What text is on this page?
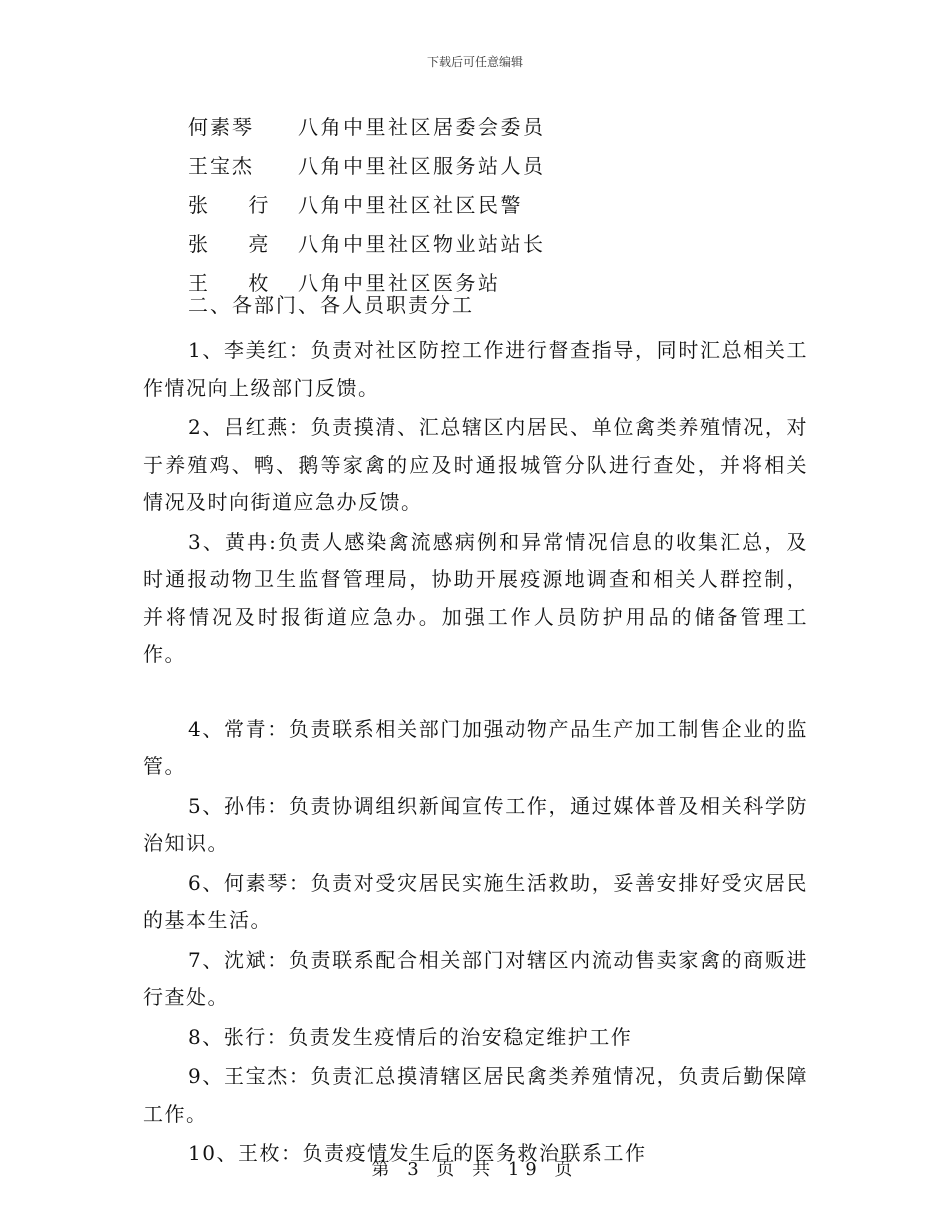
下载后可任意编辑
何素琴 八角中里社区居委会委员
王宝杰 八角中里社区服务站人员
张 行 八角中里社区社区民警
张 亮 八角中里社区物业站站长
王 枚 八角中里社区医务站
二、各部门、各人员职责分工

1、李美红：负责对社区防控工作进行督查指导，同时汇总相关工作情况向上级部门反馈。

2、吕红燕：负责摸清、汇总辖区内居民、单位禽类养殖情况，对于养殖鸡、鸭、鹅等家禽的应及时通报城管分队进行查处，并将相关情况及时向街道应急办反馈。

3、黄冉:负责人感染禽流感病例和异常情况信息的收集汇总，及时通报动物卫生监督管理局，协助开展疫源地调查和相关人群控制，并将情况及时报街道应急办。加强工作人员防护用品的储备管理工作。

4、常青：负责联系相关部门加强动物产品生产加工制售企业的监管。

5、孙伟：负责协调组织新闻宣传工作，通过媒体普及相关科学防治知识。

6、何素琴：负责对受灾居民实施生活救助，妥善安排好受灾居民的基本生活。

7、沈斌：负责联系配合相关部门对辖区内流动售卖家禽的商贩进行查处。

8、张行：负责发生疫情后的治安稳定维护工作

9、王宝杰：负责汇总摸清辖区居民禽类养殖情况，负责后勤保障工作。

10、王枚：负责疫情发生后的医务救治联系工作

第 3 页 共 19 页
